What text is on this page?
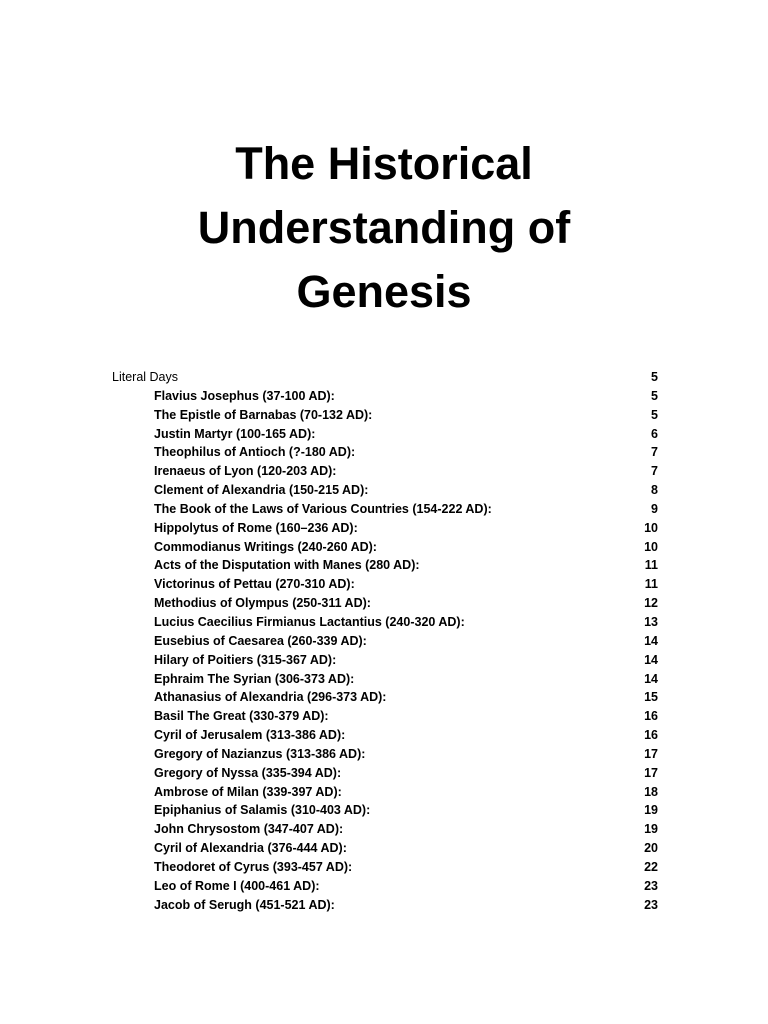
The Historical
Understanding of
Genesis
Literal Days	5
Flavius Josephus (37-100 AD):	5
The Epistle of Barnabas (70-132 AD):	5
Justin Martyr (100-165 AD):	6
Theophilus of Antioch (?-180 AD):	7
Irenaeus of Lyon (120-203 AD):	7
Clement of Alexandria (150-215 AD):	8
The Book of the Laws of Various Countries (154-222 AD):	9
Hippolytus of Rome (160–236 AD):	10
Commodianus Writings (240-260 AD):	10
Acts of the Disputation with Manes (280 AD):	11
Victorinus of Pettau (270-310 AD):	11
Methodius of Olympus (250-311 AD):	12
Lucius Caecilius Firmianus Lactantius (240-320 AD):	13
Eusebius of Caesarea (260-339 AD):	14
Hilary of Poitiers (315-367 AD):	14
Ephraim The Syrian (306-373 AD):	14
Athanasius of Alexandria (296-373 AD):	15
Basil The Great (330-379 AD):	16
Cyril of Jerusalem (313-386 AD):	16
Gregory of Nazianzus (313-386 AD):	17
Gregory of Nyssa (335-394 AD):	17
Ambrose of Milan (339-397 AD):	18
Epiphanius of Salamis (310-403 AD):	19
John Chrysostom (347-407 AD):	19
Cyril of Alexandria (376-444 AD):	20
Theodoret of Cyrus (393-457 AD):	22
Leo of Rome I (400-461 AD):	23
Jacob of Serugh (451-521 AD):	23
